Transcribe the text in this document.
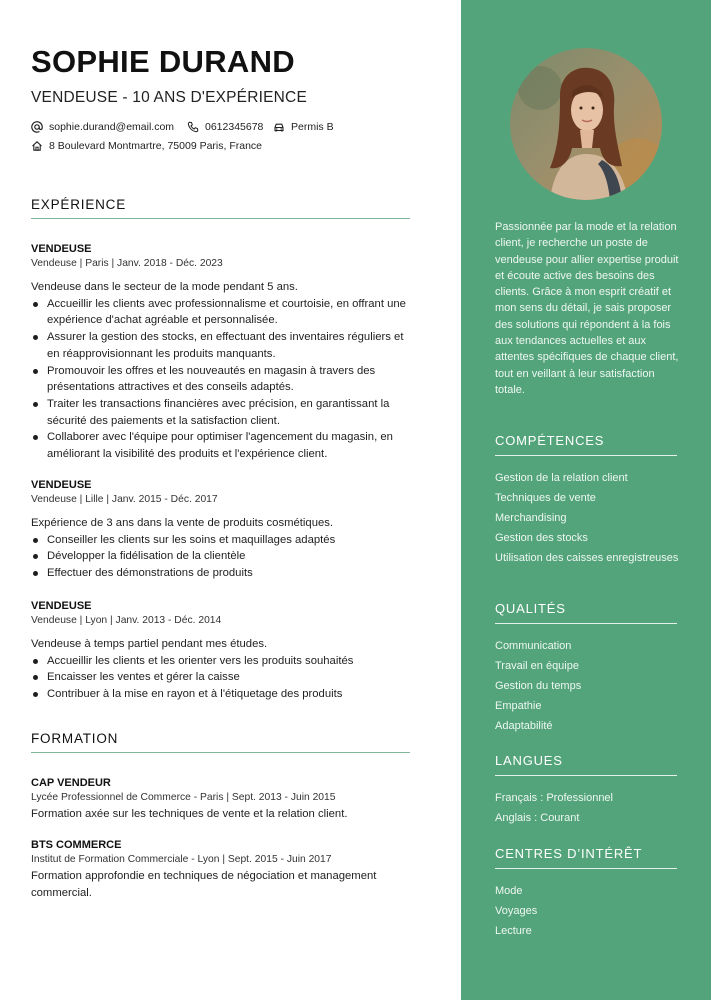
SOPHIE DURAND
VENDEUSE - 10 ANS D'EXPÉRIENCE
sophie.durand@email.com	0612345678	Permis B
8 Boulevard Montmartre, 75009 Paris, France
EXPÉRIENCE
VENDEUSE
Vendeuse | Paris | Janv. 2018 - Déc. 2023
Vendeuse dans le secteur de la mode pendant 5 ans.
Accueillir les clients avec professionnalisme et courtoisie, en offrant une expérience d'achat agréable et personnalisée.
Assurer la gestion des stocks, en effectuant des inventaires réguliers et en réapprovisionnant les produits manquants.
Promouvoir les offres et les nouveautés en magasin à travers des présentations attractives et des conseils adaptés.
Traiter les transactions financières avec précision, en garantissant la sécurité des paiements et la satisfaction client.
Collaborer avec l'équipe pour optimiser l'agencement du magasin, en améliorant la visibilité des produits et l'expérience client.
VENDEUSE
Vendeuse | Lille | Janv. 2015 - Déc. 2017
Expérience de 3 ans dans la vente de produits cosmétiques.
Conseiller les clients sur les soins et maquillages adaptés
Développer la fidélisation de la clientèle
Effectuer des démonstrations de produits
VENDEUSE
Vendeuse | Lyon | Janv. 2013 - Déc. 2014
Vendeuse à temps partiel pendant mes études.
Accueillir les clients et les orienter vers les produits souhaités
Encaisser les ventes et gérer la caisse
Contribuer à la mise en rayon et à l'étiquetage des produits
FORMATION
CAP VENDEUR
Lycée Professionnel de Commerce - Paris | Sept. 2013 - Juin 2015
Formation axée sur les techniques de vente et la relation client.
BTS COMMERCE
Institut de Formation Commerciale - Lyon | Sept. 2015 - Juin 2017
Formation approfondie en techniques de négociation et management commercial.
Passionnée par la mode et la relation client, je recherche un poste de vendeuse pour allier expertise produit et écoute active des besoins des clients. Grâce à mon esprit créatif et mon sens du détail, je sais proposer des solutions qui répondent à la fois aux tendances actuelles et aux attentes spécifiques de chaque client, tout en veillant à leur satisfaction totale.
COMPÉTENCES
Gestion de la relation client
Techniques de vente
Merchandising
Gestion des stocks
Utilisation des caisses enregistreuses
QUALITÉS
Communication
Travail en équipe
Gestion du temps
Empathie
Adaptabilité
LANGUES
Français : Professionnel
Anglais : Courant
CENTRES D’INTÉRÊT
Mode
Voyages
Lecture
